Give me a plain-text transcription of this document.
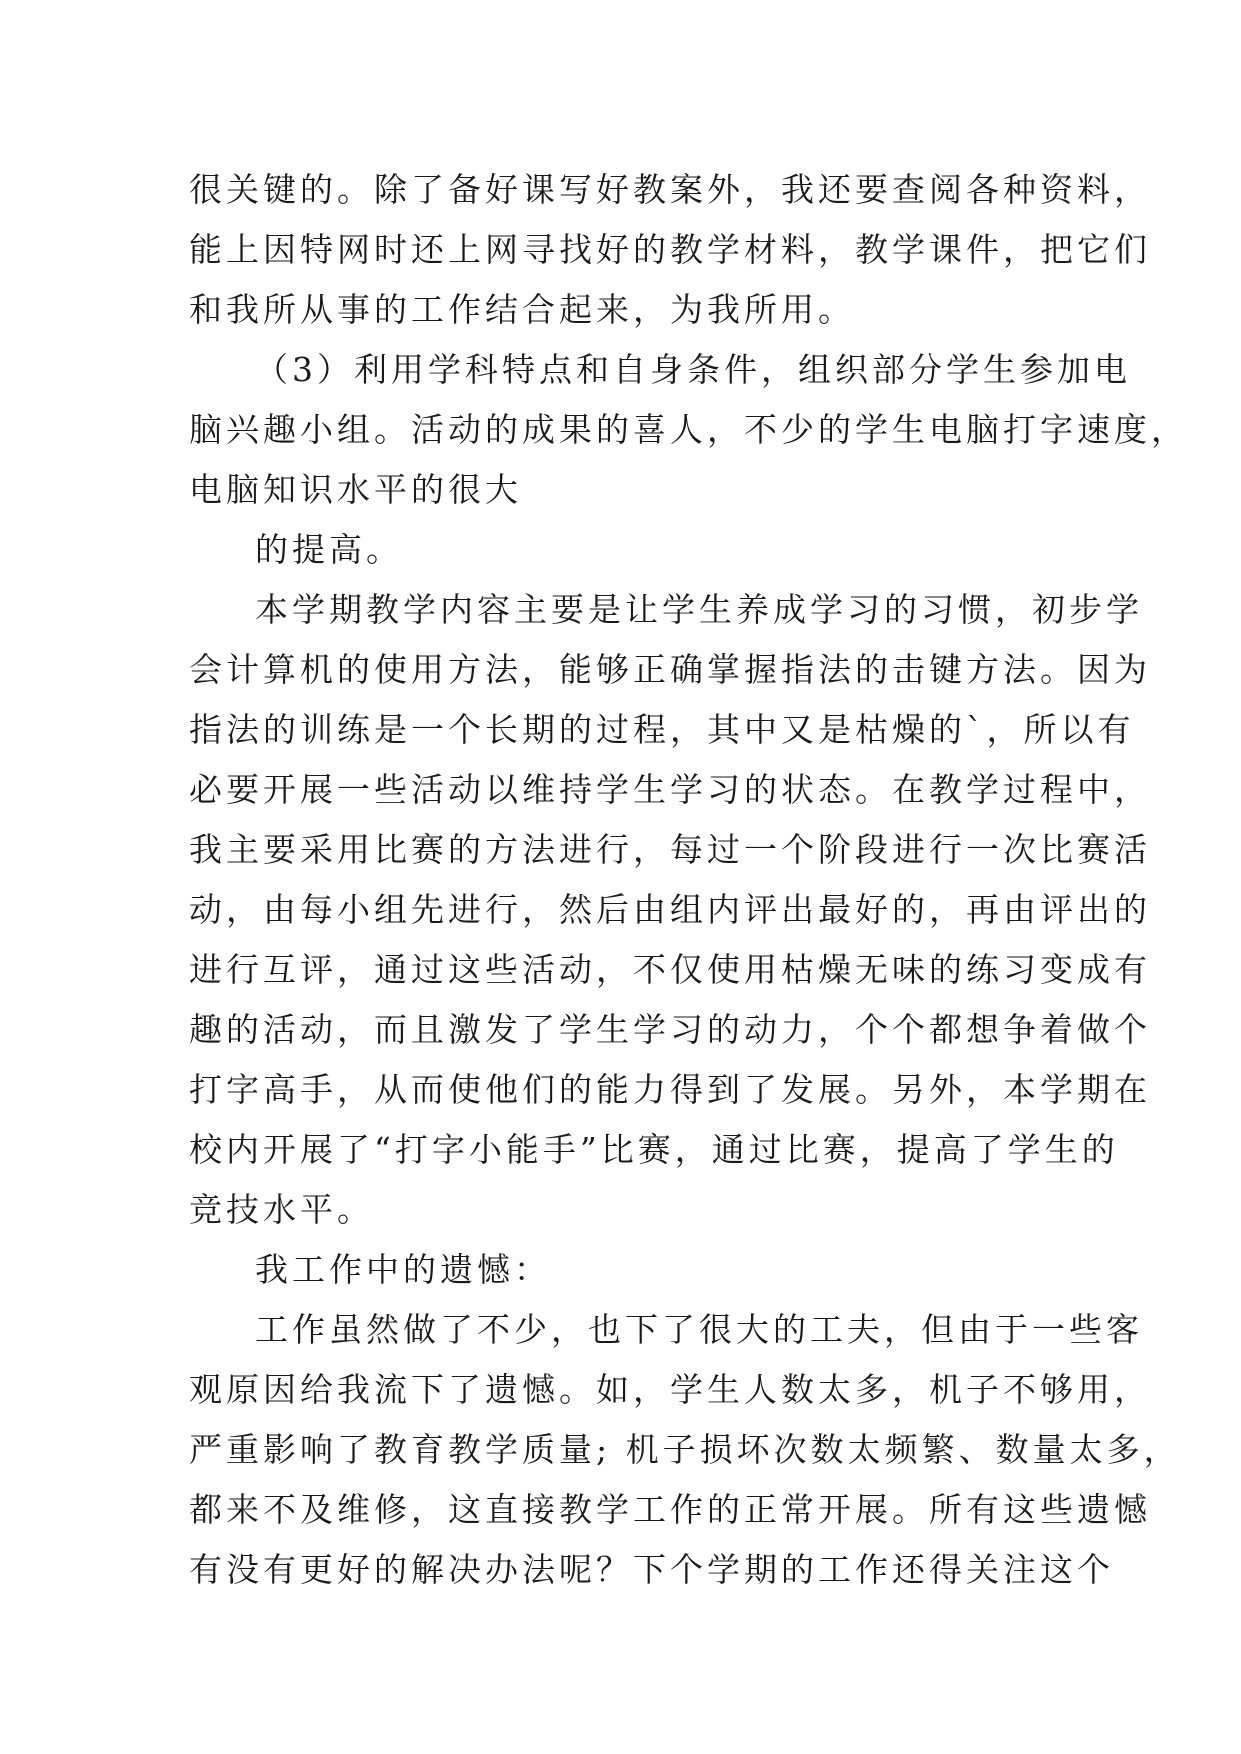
很关键的。除了备好课写好教案外，我还要查阅各种资料，
能上因特网时还上网寻找好的教学材料，教学课件，把它们
和我所从事的工作结合起来，为我所用。
（3）利用学科特点和自身条件，组织部分学生参加电
脑兴趣小组。活动的成果的喜人，不少的学生电脑打字速度，
电脑知识水平的很大
的提高。
本学期教学内容主要是让学生养成学习的习惯，初步学
会计算机的使用方法，能够正确掌握指法的击键方法。因为
指法的训练是一个长期的过程，其中又是枯燥的`，所以有
必要开展一些活动以维持学生学习的状态。在教学过程中，
我主要采用比赛的方法进行，每过一个阶段进行一次比赛活
动，由每小组先进行，然后由组内评出最好的，再由评出的
进行互评，通过这些活动，不仅使用枯燥无味的练习变成有
趣的活动，而且激发了学生学习的动力，个个都想争着做个
打字高手，从而使他们的能力得到了发展。另外，本学期在
校内开展了“打字小能手”比赛，通过比赛，提高了学生的
竞技水平。
我工作中的遗憾：
工作虽然做了不少，也下了很大的工夫，但由于一些客
观原因给我流下了遗憾。如，学生人数太多，机子不够用，
严重影响了教育教学质量; 机子损坏次数太频繁、数量太多，
都来不及维修，这直接教学工作的正常开展。所有这些遗憾
有没有更好的解决办法呢？下个学期的工作还得关注这个
